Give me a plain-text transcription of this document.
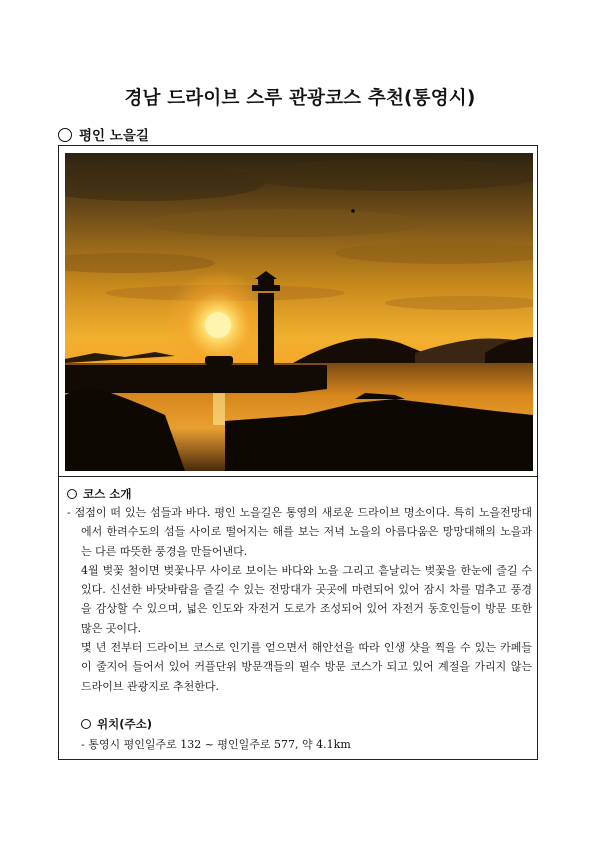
경남 드라이브 스루 관광코스 추천(통영시)
평인 노을길
코스 소개

- 점점이 떠 있는 섬들과 바다. 평인 노을길은 통영의 새로운 드라이브 명소이다. 특히 노을전망대에서 한려수도의 섬들 사이로 떨어지는 해를 보는 저녁 노을의 아름다움은 망망대해의 노을과는 다른 따뜻한 풍경을 만들어낸다.

4월 벚꽃 철이면 벚꽃나무 사이로 보이는 바다와 노을 그리고 흩날리는 벚꽃을 한눈에 즐길 수 있다. 신선한 바닷바람을 즐길 수 있는 전망대가 곳곳에 마련되어 있어 잠시 차를 멈추고 풍경을 감상할 수 있으며, 넓은 인도와 자전거 도로가 조성되어 있어 자전거 동호인들이 방문 또한 많은 곳이다.

몇 년 전부터 드라이브 코스로 인기를 얻으면서 해안선을 따라 인생 샷을 찍을 수 있는 카페들이 줄지어 들어서 있어 커플단위 방문객들의 필수 방문 코스가 되고 있어 계절을 가리지 않는 드라이브 관광지로 추천한다.

위치(주소)
- 통영시 평인일주로 132 ~ 평인일주로 577, 약 4.1km
